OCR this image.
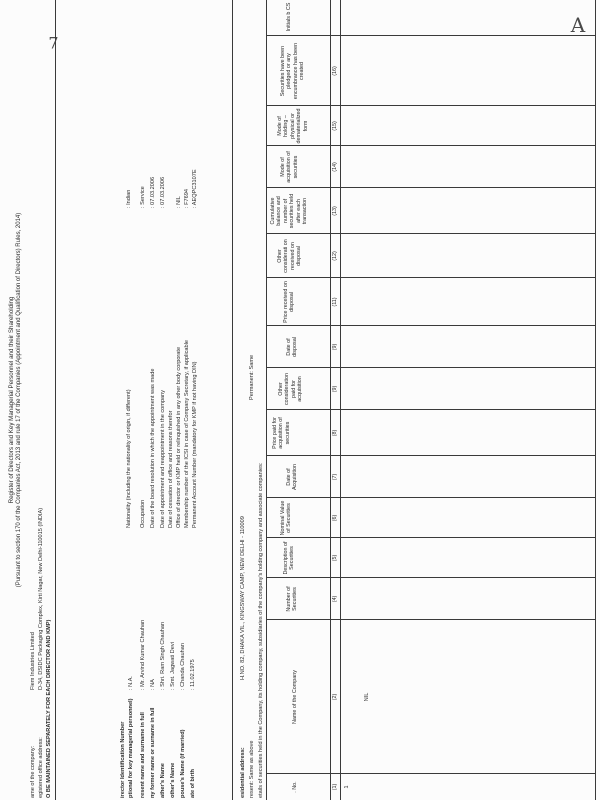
Register of Directors and Key Managerial Personnel and their Shareholding (Pursuant to section 170 of the Companies Act, 2013 and rule 17 of the Companies (Appointment and Qualification of Directors) Rules, 2014)
7
ame of the company:
Fiem Industries Limited
egistered office address:
D-34, DSIDC Packaging Complex, Kirti Nagar, New Delhi-110015 (INDIA)
O BE MAINTAINED SEPARATELY FOR EACH DIRECTOR AND KMP)	irector Identification Number ptional for key managerial personnel)
: N.A.
resent name and surname in full
: Mr. Arvind Kumar Chauhan
ny former name or surname in full
: NA
ather's Name
: Shri. Ram Singh Chauhan
other's Name
: Smt. Jagwati Devi
pouse's Name (if married)
: Chanda Chauhan
ate of birth
: 11.02.1975
Nationality (including the nationality of origin, if different)
: Indian
Occupation
: Service
Date of the board resolution in which the appointment was made
: 07.03.2006
Date of appointment and reappointment in the company
: 07.03.2006
Date of cessation of office and reasons therefor Office of director or KMP held or relinquished in any other body corporate
: NIL
Membership number of the ICSI in case of Company Secretary, if applicable
: F7694
Permanent Account Number (mandatory for KMP if not having DIN)
: AEQPC3107E
esidential address:
H.NO. 82, DHAKA VIL., KINGSWAY CAMP, NEW DELHI - 110009
resent: Same as above
Permanent: Same
etails of securities held in the Company, its holding company, subsidiaries of the company's holding company and associate companies:	. No.
Name of the Company
Number of Securities
Description of Securities
Nominal Value of Securities
Date of Acquisition
Price paid for acquisition of securities
Other consideration paid for acquisition
Date of disposal
Price received on disposal
Other considerati on received on disposal
Cumulative balance and number of securities held after each transaction
Mode of acquisition of securities
Mode of holding – physical or dematerialized form
Securities have been pledged or any encumbrance has been created
Initials b CS
(1)
(2)
(4)
(5)
(6)
(7)
(8)
(9)
(9)
(11)
(12)
(13)
(14)
(15)
(16)
1
NIL
A
